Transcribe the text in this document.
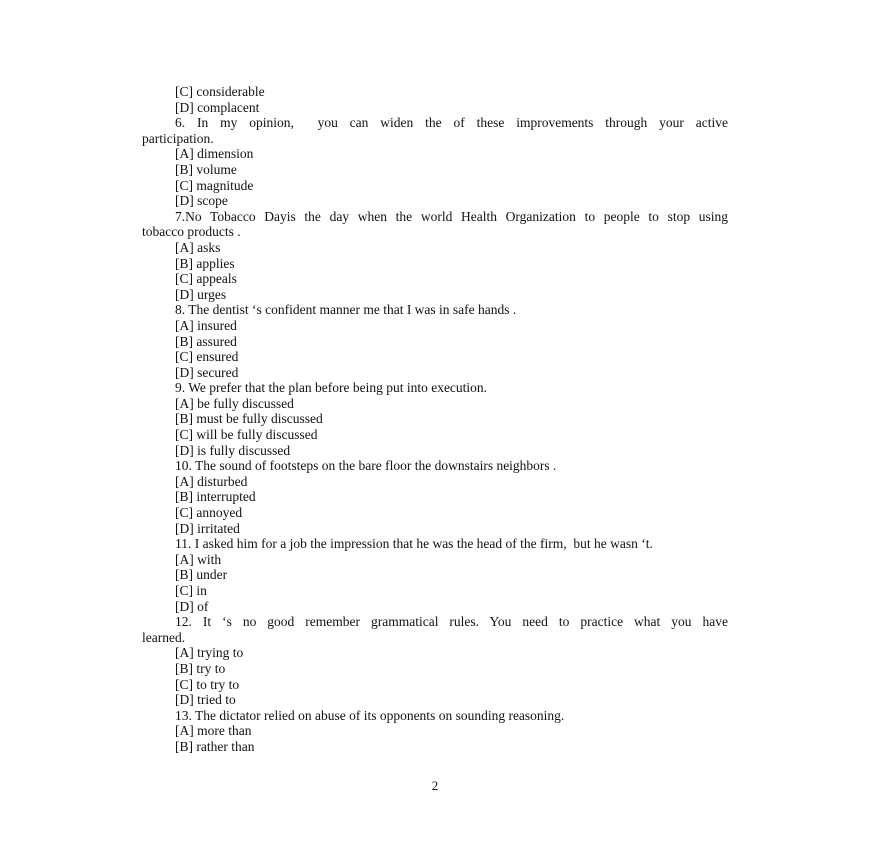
[C] considerable
[D] complacent
6. In my opinion,  you can widen the of these improvements through your active
participation.
[A] dimension
[B] volume
[C] magnitude
[D] scope
7.No Tobacco Dayis the day when the world Health Organization to people to stop using
tobacco products .
[A] asks
[B] applies
[C] appeals
[D] urges
8. The dentist ‘s confident manner me that I was in safe hands .
[A] insured
[B] assured
[C] ensured
[D] secured
9. We prefer that the plan before being put into execution.
[A] be fully discussed
[B] must be fully discussed
[C] will be fully discussed
[D] is fully discussed
10. The sound of footsteps on the bare floor the downstairs neighbors .
[A] disturbed
[B] interrupted
[C] annoyed
[D] irritated
11. I asked him for a job the impression that he was the head of the firm,  but he wasn ‘t.
[A] with
[B] under
[C] in
[D] of
12. It ‘s no good remember grammatical rules. You need to practice what you have
learned.
[A] trying to
[B] try to
[C] to try to
[D] tried to
13. The dictator relied on abuse of its opponents on sounding reasoning.
[A] more than
[B] rather than
2
